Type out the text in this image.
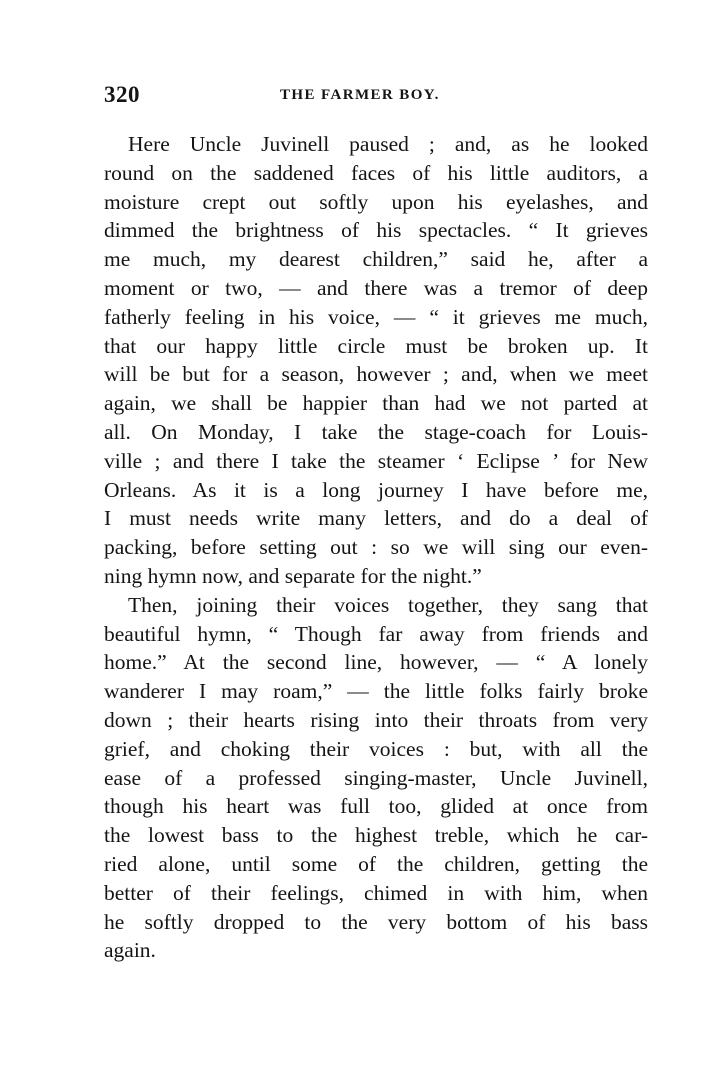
320	THE FARMER BOY.
Here Uncle Juvinell paused ; and, as he looked
round on the saddened faces of his little auditors, a
moisture crept out softly upon his eyelashes, and
dimmed the brightness of his spectacles. “ It grieves
me much, my dearest children,” said he, after a
moment or two, — and there was a tremor of deep
fatherly feeling in his voice, — “ it grieves me much,
that our happy little circle must be broken up. It
will be but for a season, however ; and, when we meet
again, we shall be happier than had we not parted at
all. On Monday, I take the stage-coach for Louis-
ville ; and there I take the steamer ‘ Eclipse ’ for New
Orleans. As it is a long journey I have before me,
I must needs write many letters, and do a deal of
packing, before setting out : so we will sing our even-
ning hymn now, and separate for the night.”
Then, joining their voices together, they sang that
beautiful hymn, “ Though far away from friends and
home.” At the second line, however, — “ A lonely
wanderer I may roam,” — the little folks fairly broke
down ; their hearts rising into their throats from very
grief, and choking their voices : but, with all the
ease of a professed singing-master, Uncle Juvinell,
though his heart was full too, glided at once from
the lowest bass to the highest treble, which he car-
ried alone, until some of the children, getting the
better of their feelings, chimed in with him, when
he softly dropped to the very bottom of his bass
again.
